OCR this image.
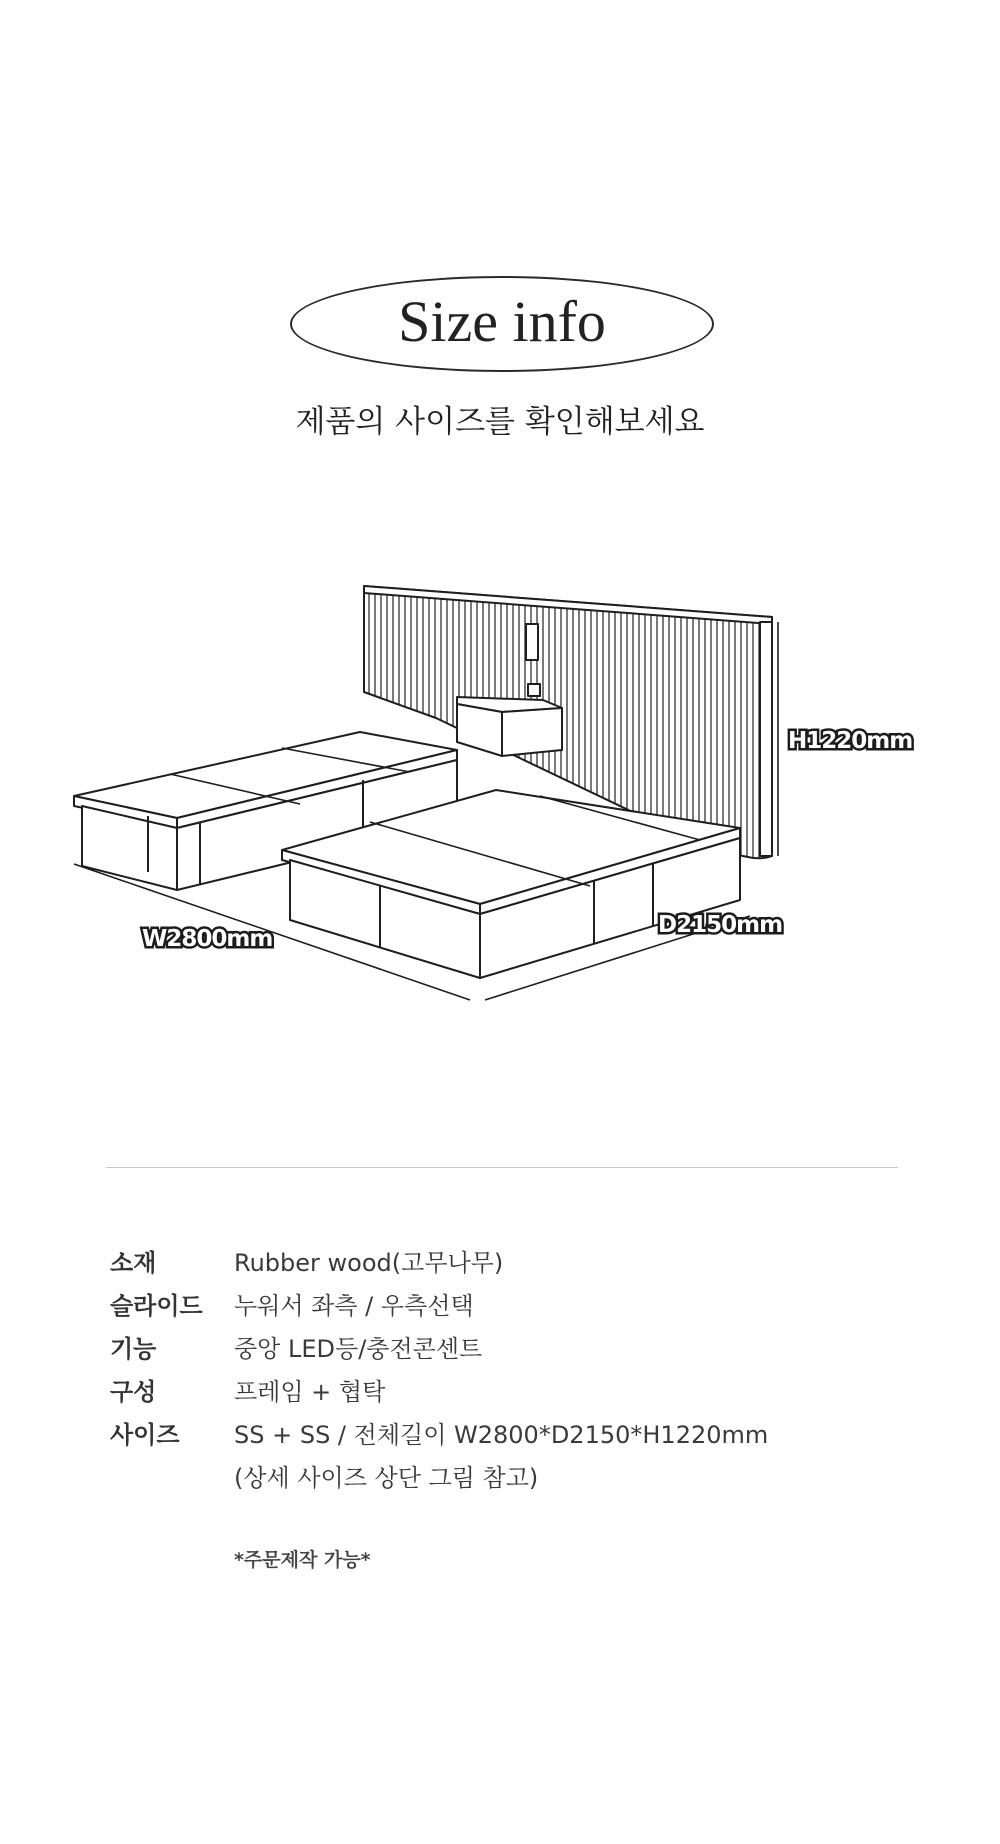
Size info
제품의 사이즈를 확인해보세요
H1220mm
W2800mm
D2150mm
소재	Rubber wood(고무나무)
슬라이드	누워서 좌측 / 우측선택
기능	중앙 LED등/충전콘센트
구성	프레임 + 협탁
사이즈	SS + SS / 전체길이 W2800*D2150*H1220mm
(상세 사이즈 상단 그림 참고)
*주문제작 가능*
